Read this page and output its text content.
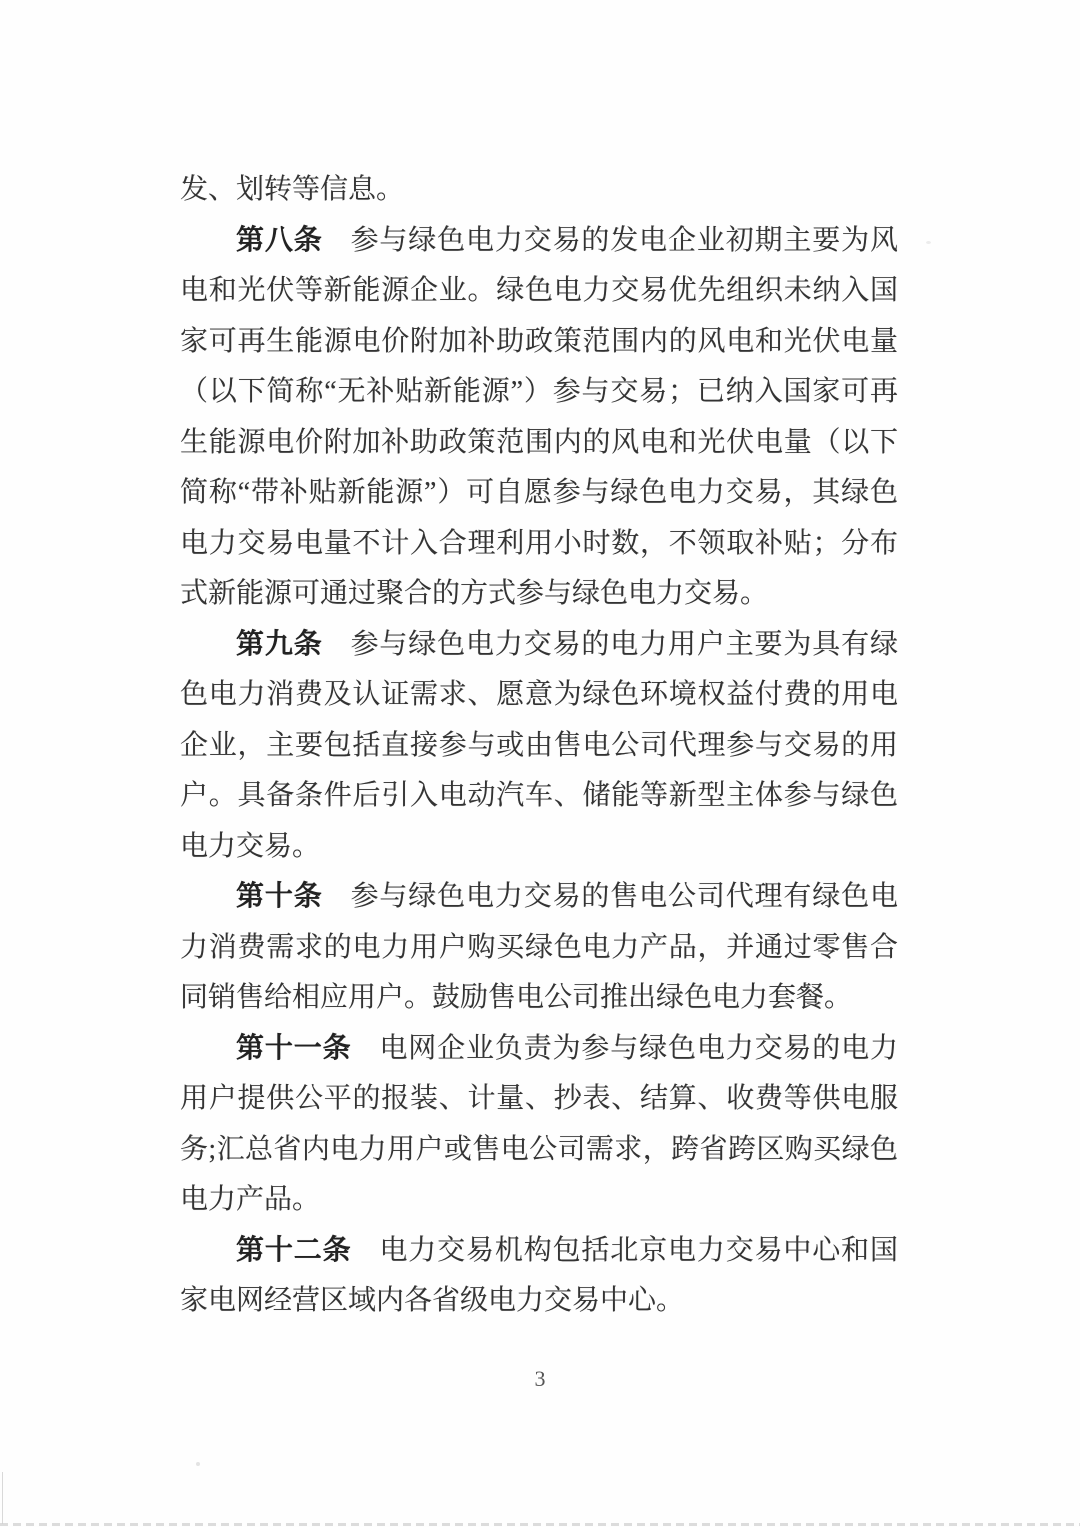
发、划转等信息。

第八条 参与绿色电力交易的发电企业初期主要为风电和光伏等新能源企业。绿色电力交易优先组织未纳入国家可再生能源电价附加补助政策范围内的风电和光伏电量（以下简称“无补贴新能源”）参与交易；已纳入国家可再生能源电价附加补助政策范围内的风电和光伏电量（以下简称“带补贴新能源”）可自愿参与绿色电力交易，其绿色电力交易电量不计入合理利用小时数，不领取补贴；分布式新能源可通过聚合的方式参与绿色电力交易。

第九条 参与绿色电力交易的电力用户主要为具有绿色电力消费及认证需求、愿意为绿色环境权益付费的用电企业，主要包括直接参与或由售电公司代理参与交易的用户。具备条件后引入电动汽车、储能等新型主体参与绿色电力交易。

第十条 参与绿色电力交易的售电公司代理有绿色电力消费需求的电力用户购买绿色电力产品，并通过零售合同销售给相应用户。鼓励售电公司推出绿色电力套餐。

第十一条 电网企业负责为参与绿色电力交易的电力用户提供公平的报装、计量、抄表、结算、收费等供电服务;汇总省内电力用户或售电公司需求，跨省跨区购买绿色电力产品。

第十二条 电力交易机构包括北京电力交易中心和国家电网经营区域内各省级电力交易中心。

3
